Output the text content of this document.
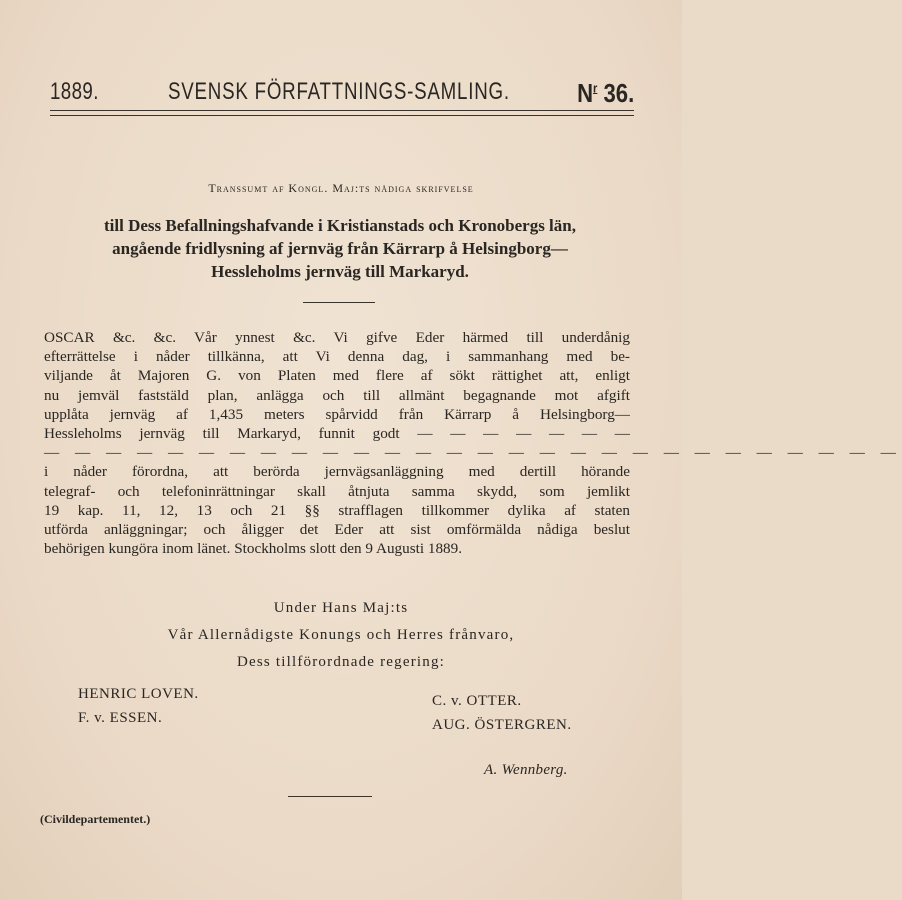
1889.	SVENSK FÖRFATTNINGS-SAMLING.	$N^r$ 36.
Transsumt af Kongl. Maj:ts nådiga skrifvelse
till Dess Befallningshafvande i Kristianstads och Kronobergs län,
angående fridlysning af jernväg från Kärrarp å Helsingborg—
Hessleholms jernväg till Markaryd.

OSCAR &c. &c. Vår ynnest &c. Vi gifve Eder härmed till underdånig
efterrättelse i nåder tillkänna, att Vi denna dag, i sammanhang med be-
viljande åt Majoren G. von Platen med flere af sökt rättighet att, enligt
nu jemväl faststäld plan, anlägga och till allmänt begagnande mot afgift
upplåta jernväg af 1,435 meters spårvidd från Kärrarp å Helsingborg—
Hessleholms jernväg till Markaryd, funnit godt — — — — — — —

— — — — — — — — — — — — — — — — — — — — — — — — — — — —

i nåder förordna, att berörda jernvägsanläggning med dertill hörande
telegraf- och telefoninrättningar skall åtnjuta samma skydd, som jemlikt
19 kap. 11, 12, 13 och 21 §§ strafflagen tillkommer dylika af staten
utförda anläggningar; och åligger det Eder att sist omförmälda nådiga beslut
behörigen kungöra inom länet. Stockholms slott den 9 Augusti 1889.

Under Hans Maj:ts
Vår Allernådigste Konungs och Herres frånvaro,
Dess tillförordnade regering:
HENRIC LOVEN.
F. v. ESSEN.
C. v. OTTER.
AUG. ÖSTERGREN.
A. Wennberg.
(Civildepartementet.)
